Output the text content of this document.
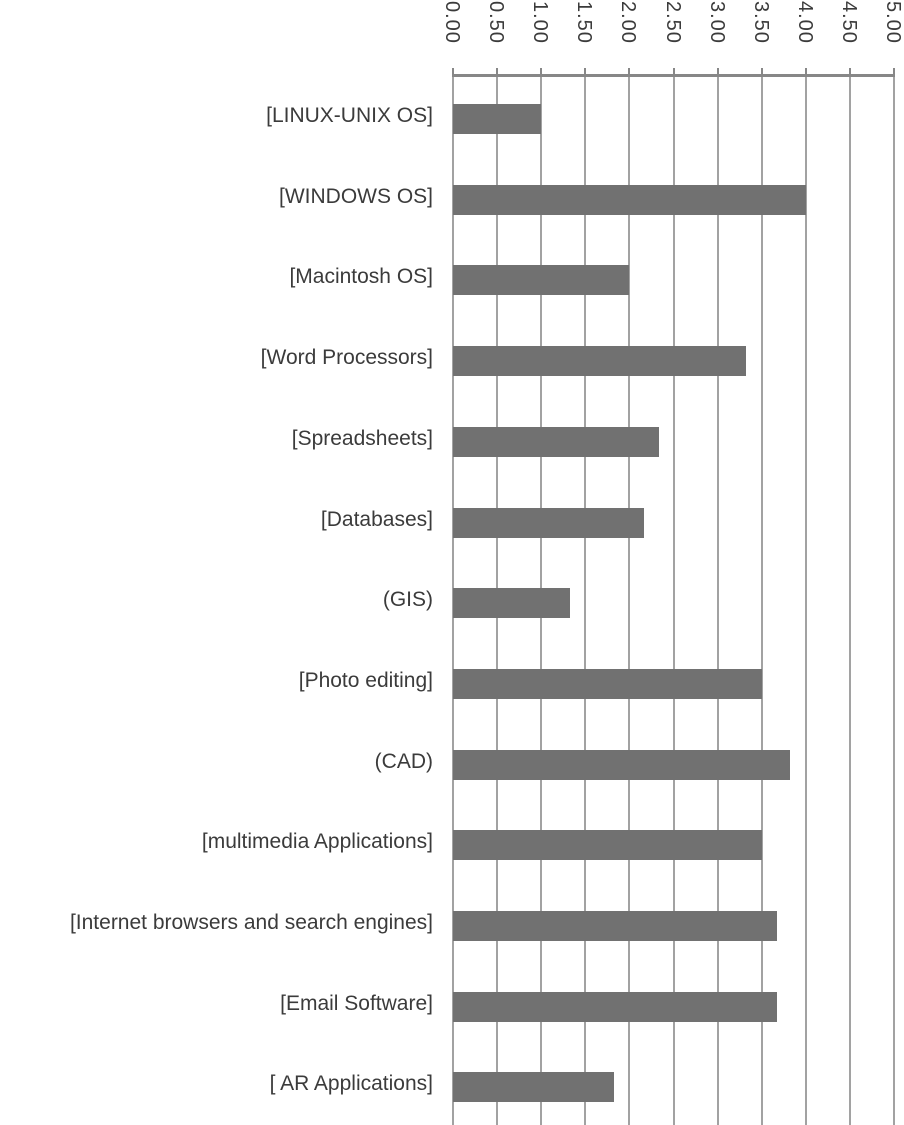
0.00 0.50 1.00 1.50 2.00 2.50 3.00 3.50 4.00 4.50 5.00
[LINUX-UNIX OS]
[WINDOWS OS]
[Macintosh OS]
[Word Processors]
[Spreadsheets]
[Databases]
(GIS)
[Photo editing]
(CAD)
[multimedia Applications]
[Internet browsers and search engines]
[Email Software]
[ AR Applications]
